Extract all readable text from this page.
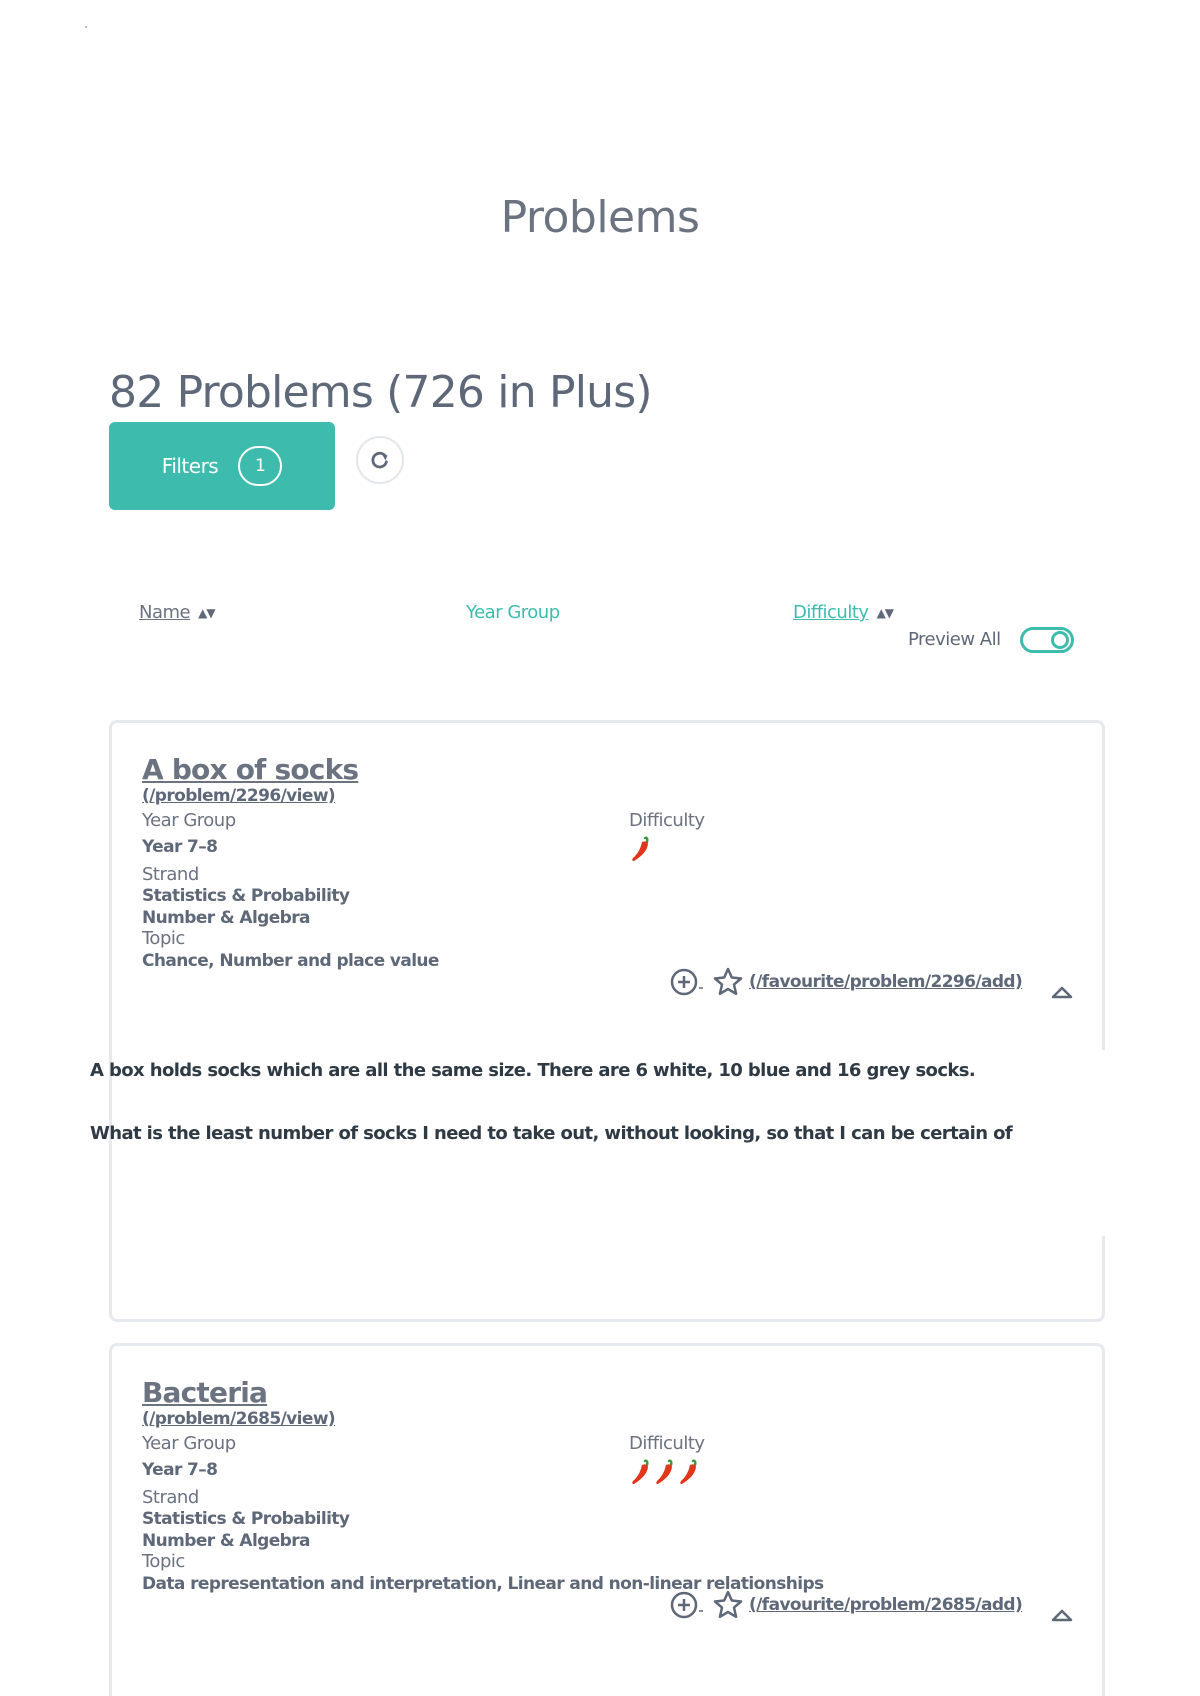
Problems
82 Problems (726 in Plus)
Filters	1
Name ▲▼	Year Group	Difficulty ▲▼
Preview All
A box of socks
(/problem/2296/view)
Year Group
Year 7–8
Strand
Statistics & Probability
Number & Algebra
Topic
Chance, Number and place value
Difficulty
(/favourite/problem/2296/add)

A box holds socks which are all the same size. There are 6 white, 10 blue and 16 grey socks.

What is the least number of socks I need to take out, without looking, so that I can be certain of

Bacteria
(/problem/2685/view)
Year Group
Year 7–8
Strand
Statistics & Probability
Number & Algebra
Topic
Data representation and interpretation, Linear and non-linear relationships
Difficulty
(/favourite/problem/2685/add)
